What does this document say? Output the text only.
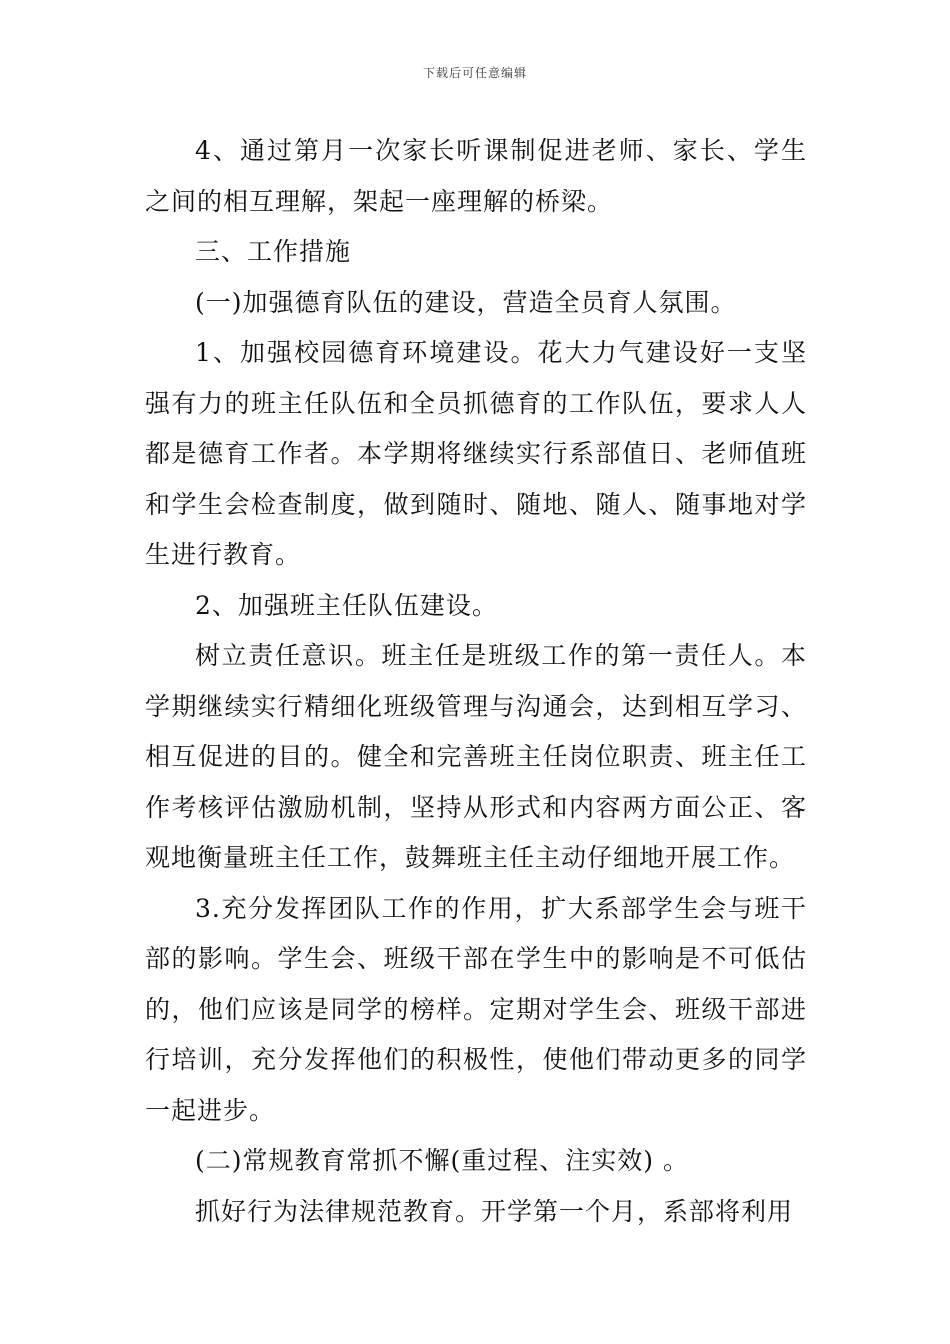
下载后可任意编辑

4、通过第月一次家长听课制促进老师、家长、学生之间的相互理解，架起一座理解的桥梁。

三、工作措施

(一)加强德育队伍的建设，营造全员育人氛围。

1、加强校园德育环境建设。花大力气建设好一支坚强有力的班主任队伍和全员抓德育的工作队伍，要求人人都是德育工作者。本学期将继续实行系部值日、老师值班和学生会检查制度，做到随时、随地、随人、随事地对学生进行教育。

2、加强班主任队伍建设。

树立责任意识。班主任是班级工作的第一责任人。本学期继续实行精细化班级管理与沟通会，达到相互学习、相互促进的目的。健全和完善班主任岗位职责、班主任工作考核评估激励机制，坚持从形式和内容两方面公正、客观地衡量班主任工作，鼓舞班主任主动仔细地开展工作。

3.充分发挥团队工作的作用，扩大系部学生会与班干部的影响。学生会、班级干部在学生中的影响是不可低估的，他们应该是同学的榜样。定期对学生会、班级干部进行培训，充分发挥他们的积极性，使他们带动更多的同学一起进步。

(二)常规教育常抓不懈(重过程、注实效) 。

抓好行为法律规范教育。开学第一个月，系部将利用
